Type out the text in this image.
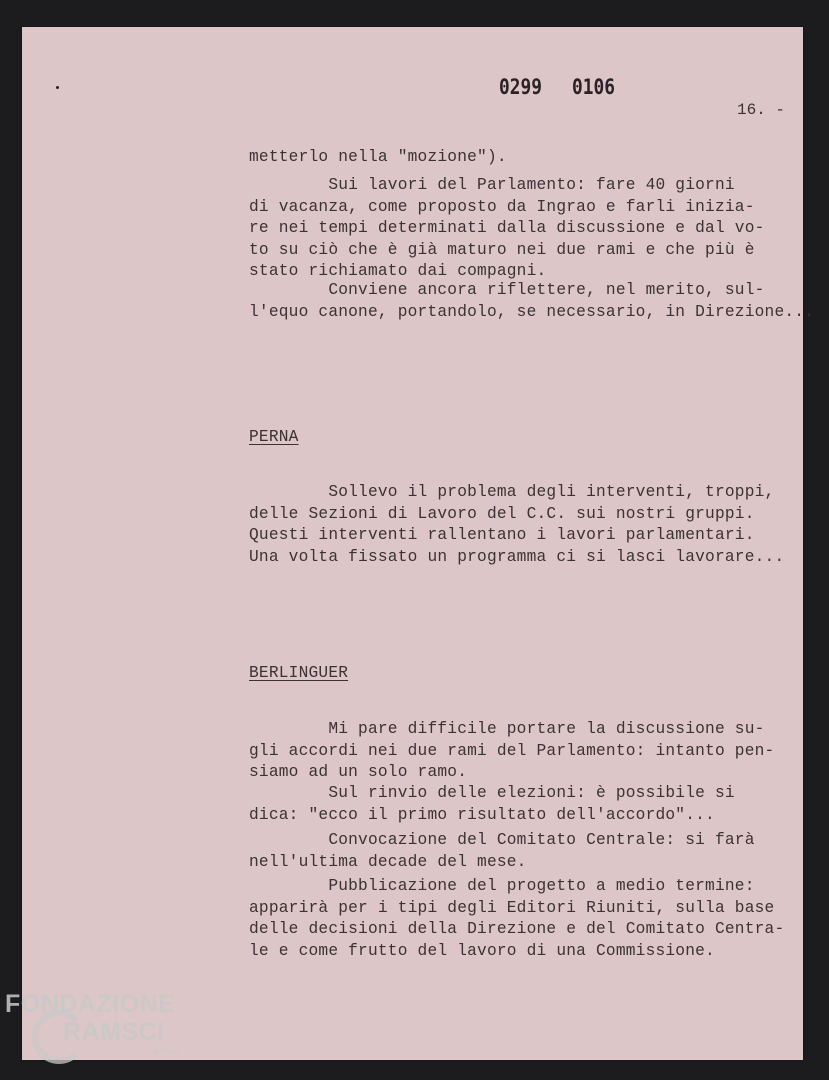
0299 0106
16. -
metterlo nella "mozione").
Sui lavori del Parlamento: fare 40 giorni
di vacanza, come proposto da Ingrao e farli inizia-
re nei tempi determinati dalla discussione e dal vo-
to su ciò che è già maturo nei due rami e che più è
stato richiamato dai compagni.
Conviene ancora riflettere, nel merito, sul-
l'equo canone, portandolo, se necessario, in Direzione...
PERNA
Sollevo il problema degli interventi, troppi,
delle Sezioni di Lavoro del C.C. sui nostri gruppi.
Questi interventi rallentano i lavori parlamentari.
Una volta fissato un programma ci si lasci lavorare...
BERLINGUER
Mi pare difficile portare la discussione su-
gli accordi nei due rami del Parlamento: intanto pen-
siamo ad un solo ramo.
Sul rinvio delle elezioni: è possibile si
dica: "ecco il primo risultato dell'accordo"...
Convocazione del Comitato Centrale: si farà
nell'ultima decade del mese.
Pubblicazione del progetto a medio termine:
apparirà per i tipi degli Editori Riuniti, sulla base
delle decisioni della Direzione e del Comitato Centra-
le e come frutto del lavoro di una Commissione.
FONDAZIONE
RAMSCI
onlus
